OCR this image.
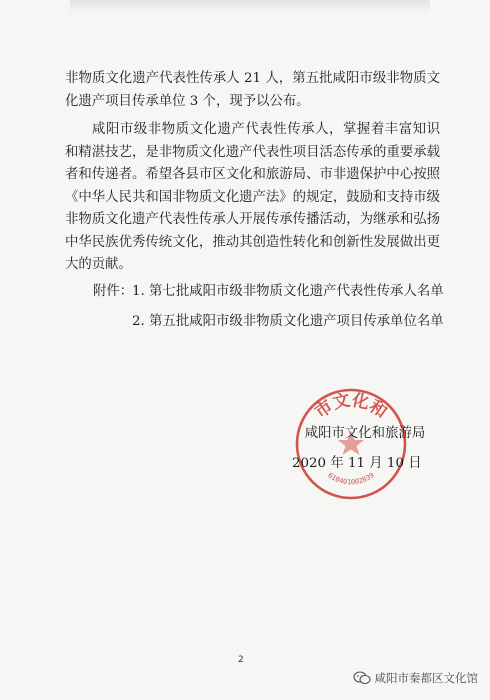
非物质文化遗产代表性传承人 21 人，第五批咸阳市级非物质文化遗产项目传承单位 3 个，现予以公布。

咸阳市级非物质文化遗产代表性传承人，掌握着丰富知识和精湛技艺，是非物质文化遗产代表性项目活态传承的重要承载者和传递者。希望各县市区文化和旅游局、市非遗保护中心按照《中华人民共和国非物质文化遗产法》的规定，鼓励和支持市级非物质文化遗产代表性传承人开展传承传播活动，为继承和弘扬中华民族优秀传统文化，推动其创造性转化和创新性发展做出更大的贡献。

附件：
1. 第七批咸阳市级非物质文化遗产代表性传承人名单
2. 第五批咸阳市级非物质文化遗产项目传承单位名单
市文化和
610401002839
咸阳市文化和旅游局
2020 年 11 月 10 日
2
咸阳市秦都区文化馆
